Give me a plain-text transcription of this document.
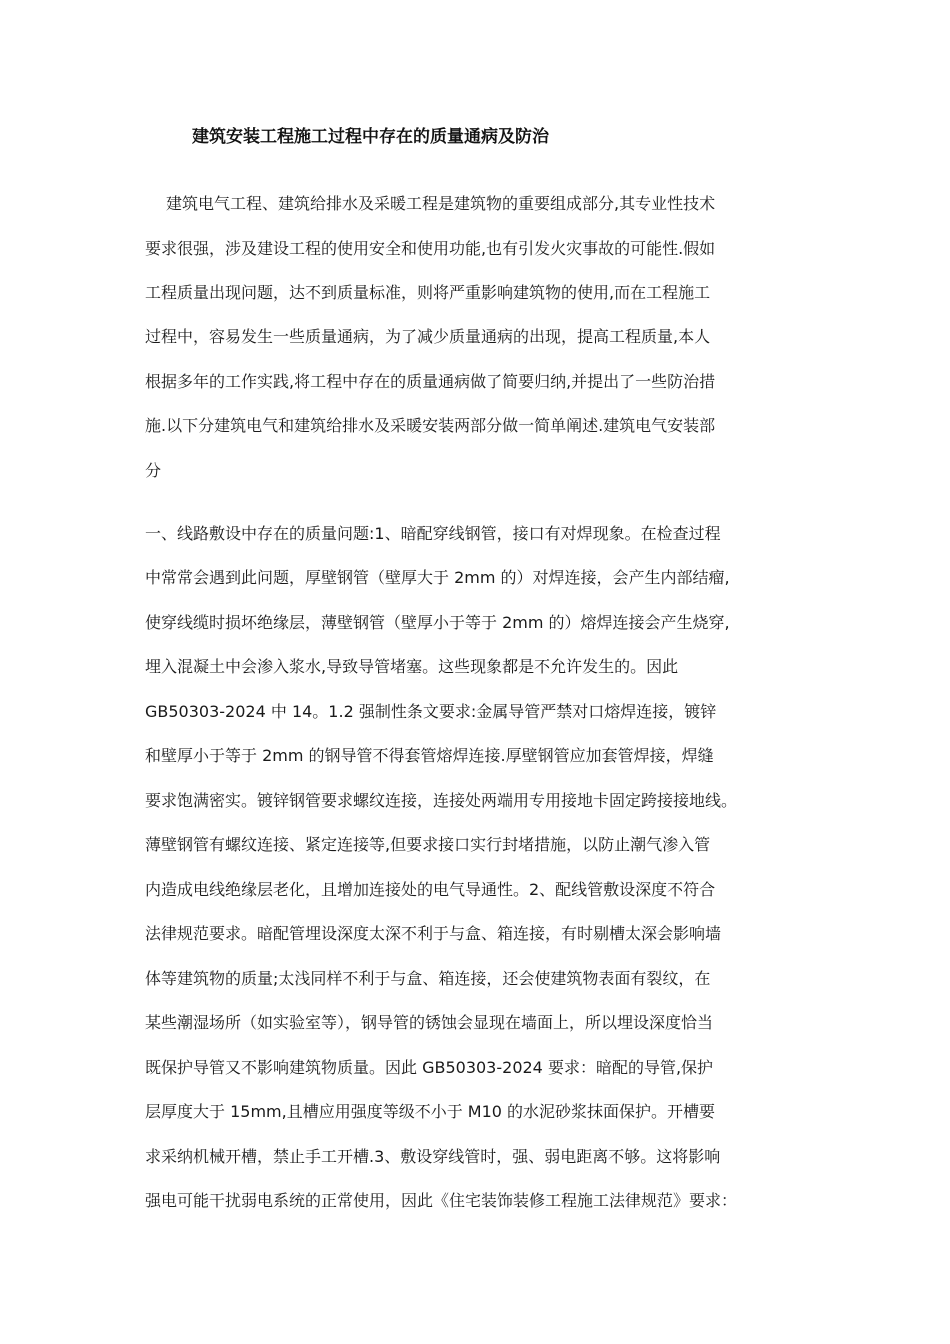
建筑安装工程施工过程中存在的质量通病及防治
建筑电气工程、建筑给排水及采暖工程是建筑物的重要组成部分,其专业性技术
要求很强，涉及建设工程的使用安全和使用功能,也有引发火灾事故的可能性.假如
工程质量出现问题，达不到质量标准，则将严重影响建筑物的使用,而在工程施工
过程中，容易发生一些质量通病，为了减少质量通病的出现，提高工程质量,本人
根据多年的工作实践,将工程中存在的质量通病做了简要归纳,并提出了一些防治措
施.以下分建筑电气和建筑给排水及采暖安装两部分做一简单阐述.建筑电气安装部
分
一、线路敷设中存在的质量问题:1、暗配穿线钢管，接口有对焊现象。在检查过程
中常常会遇到此问题，厚壁钢管（壁厚大于 2mm 的）对焊连接，会产生内部结瘤,
使穿线缆时损坏绝缘层，薄壁钢管（壁厚小于等于 2mm 的）熔焊连接会产生烧穿,
埋入混凝土中会渗入浆水,导致导管堵塞。这些现象都是不允许发生的。因此
GB50303-2024 中 14。1.2 强制性条文要求:金属导管严禁对口熔焊连接，镀锌
和壁厚小于等于 2mm 的钢导管不得套管熔焊连接.厚壁钢管应加套管焊接，焊缝
要求饱满密实。镀锌钢管要求螺纹连接，连接处两端用专用接地卡固定跨接接地线。
薄壁钢管有螺纹连接、紧定连接等,但要求接口实行封堵措施，以防止潮气渗入管
内造成电线绝缘层老化，且增加连接处的电气导通性。2、配线管敷设深度不符合
法律规范要求。暗配管埋设深度太深不利于与盒、箱连接，有时剔槽太深会影响墙
体等建筑物的质量;太浅同样不利于与盒、箱连接，还会使建筑物表面有裂纹，在
某些潮湿场所（如实验室等），钢导管的锈蚀会显现在墙面上，所以埋设深度恰当
既保护导管又不影响建筑物质量。因此 GB50303-2024 要求：暗配的导管,保护
层厚度大于 15mm,且槽应用强度等级不小于 M10 的水泥砂浆抹面保护。开槽要
求采纳机械开槽，禁止手工开槽.3、敷设穿线管时，强、弱电距离不够。这将影响
强电可能干扰弱电系统的正常使用，因此《住宅装饰装修工程施工法律规范》要求：
